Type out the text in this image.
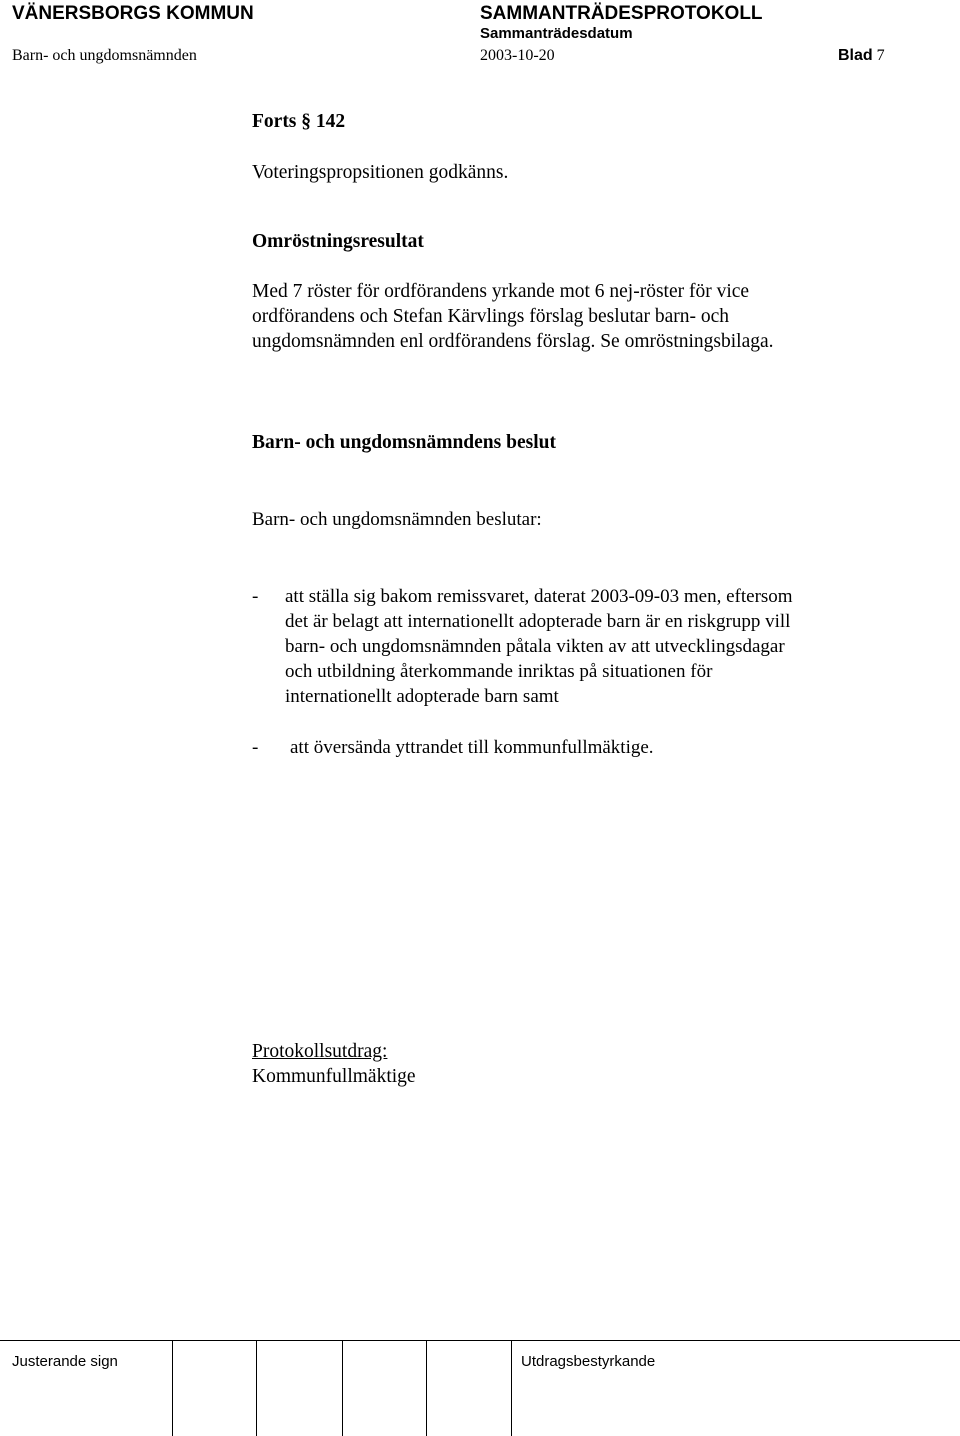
VÄNERSBORGS KOMMUN	SAMMANTRÄDESPROTOKOLL
Sammanträdesdatum
Barn- och ungdomsnämnden	2003-10-20	Blad 7
Forts § 142
Voteringspropsitionen godkänns.
Omröstningsresultat
Med 7 röster för ordförandens yrkande mot 6 nej-röster för vice
ordförandens och Stefan Kärvlings förslag beslutar barn- och
ungdomsnämnden enl ordförandens förslag. Se omröstningsbilaga.
Barn- och ungdomsnämndens beslut
Barn- och ungdomsnämnden beslutar:
- att ställa sig bakom remissvaret, daterat 2003-09-03 men, eftersom
det är belagt att internationellt adopterade barn är en riskgrupp vill
barn- och ungdomsnämnden påtala vikten av att utvecklingsdagar
och utbildning återkommande inriktas på situationen för
internationellt adopterade barn samt
- att översända yttrandet till kommunfullmäktige.
Protokollsutdrag:
Kommunfullmäktige
Justerande sign	Utdragsbestyrkande
